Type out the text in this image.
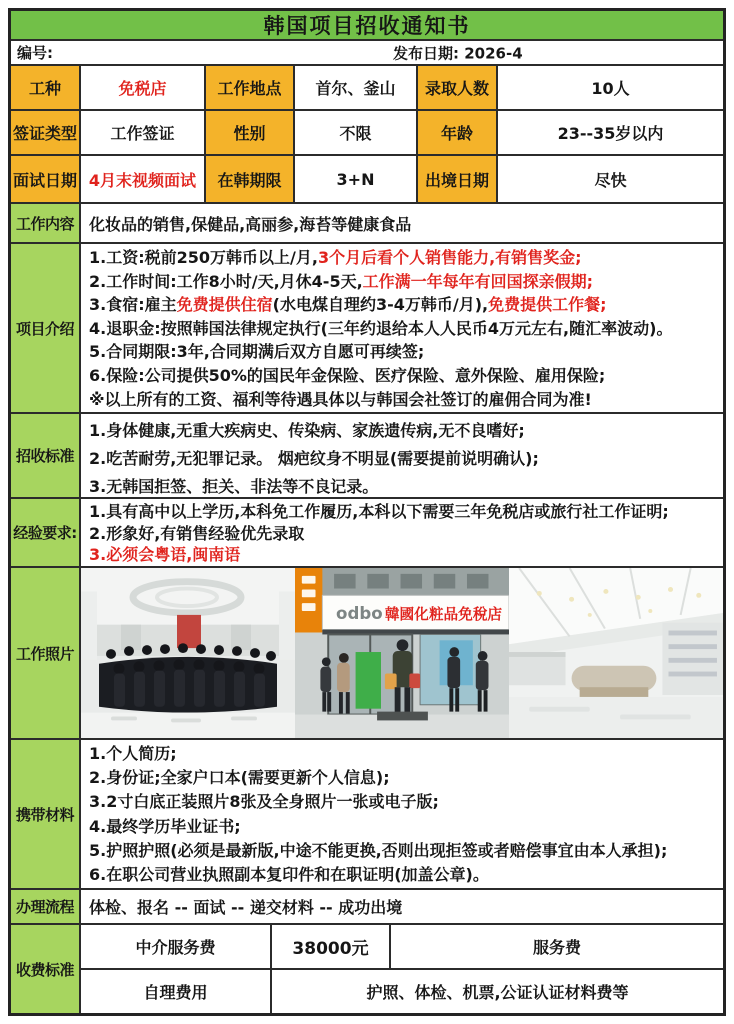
韩国项目招收通知书
编号:	发布日期: 2026-4
工种	免税店	工作地点	首尔、釜山	录取人数	10人
签证类型	工作签证	性别	不限	年龄	23--35岁以内
面试日期 4月末视频面试	在韩期限	3+N	出境日期	尽快
工作内容 化妆品的销售,保健品,高丽参,海苔等健康食品

项目介绍

1.工资:税前250万韩币以上/月,3个月后看个人销售能力,有销售奖金;

2.工作时间:工作8小时/天,月休4-5天,工作满一年每年有回国探亲假期;

3.食宿:雇主免费提供住宿(水电煤自理约3-4万韩币/月),免费提供工作餐;

4.退职金:按照韩国法律规定执行(三年约退给本人人民币4万元左右,随汇率波动)。

5.合同期限:3年,合同期满后双方自愿可再续签;

6.保险:公司提供50%的国民年金保险、医疗保险、意外保险、雇用保险;

※以上所有的工资、福利等待遇具体以与韩国会社签订的雇佣合同为准!

招收标准

1.身体健康,无重大疾病史、传染病、家族遗传病,无不良嗜好;

2.吃苦耐劳,无犯罪记录。 烟疤纹身不明显(需要提前说明确认);

3.无韩国拒签、拒关、非法等不良记录。

经验要求:

1.具有高中以上学历,本科免工作履历,本科以下需要三年免税店或旅行社工作证明;

2.形象好,有销售经验优先录取

3.必须会粤语,闽南语

工作照片
odbo 韓國化粧品免稅店
携带材料

1.个人简历;

2.身份证;全家户口本(需要更新个人信息);

3.2寸白底正装照片8张及全身照片一张或电子版;

4.最终学历毕业证书;

5.护照护照(必须是最新版,中途不能更换,否则出现拒签或者赔偿事宜由本人承担);

6.在职公司营业执照副本复印件和在职证明(加盖公章)。

办理流程 体检、报名 -- 面试 -- 递交材料 -- 成功出境

收费标准
中介服务费	38000元	服务费
自理费用	护照、体检、机票,公证认证材料费等
